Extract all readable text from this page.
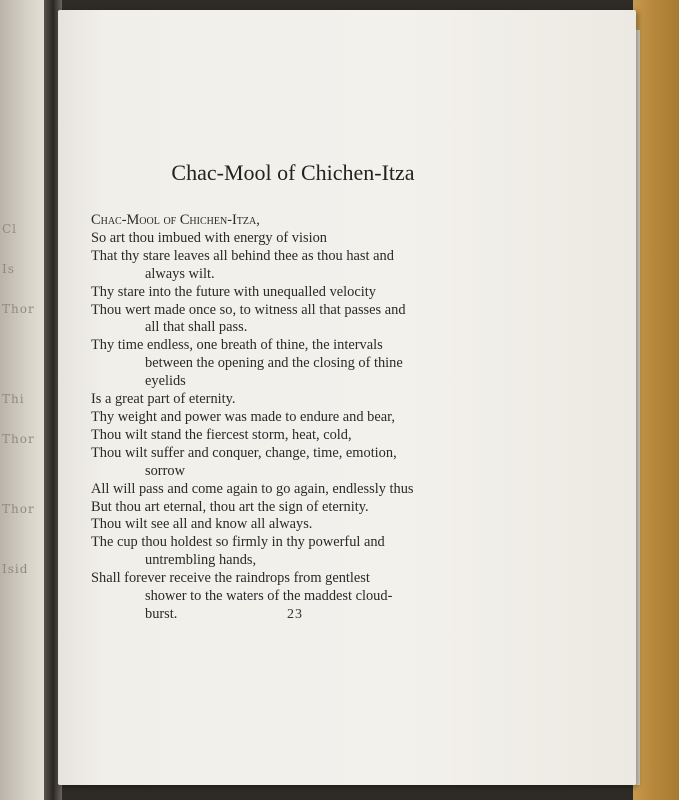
Cl
Is
Thor
Thi
Thor
Thor
Isid
Chac-Mool of Chichen-Itza
Chac-Mool of Chichen-Itza,
So art thou imbued with energy of vision
That thy stare leaves all behind thee as thou hast and
always wilt.
Thy stare into the future with unequalled velocity
Thou wert made once so, to witness all that passes and
all that shall pass.
Thy time endless, one breath of thine, the intervals
between the opening and the closing of thine
eyelids
Is a great part of eternity.
Thy weight and power was made to endure and bear,
Thou wilt stand the fiercest storm, heat, cold,
Thou wilt suffer and conquer, change, time, emotion,
sorrow
All will pass and come again to go again, endlessly thus
But thou art eternal, thou art the sign of eternity.
Thou wilt see all and know all always.
The cup thou holdest so firmly in thy powerful and
untrembling hands,
Shall forever receive the raindrops from gentlest
shower to the waters of the maddest cloud-
burst.	23
